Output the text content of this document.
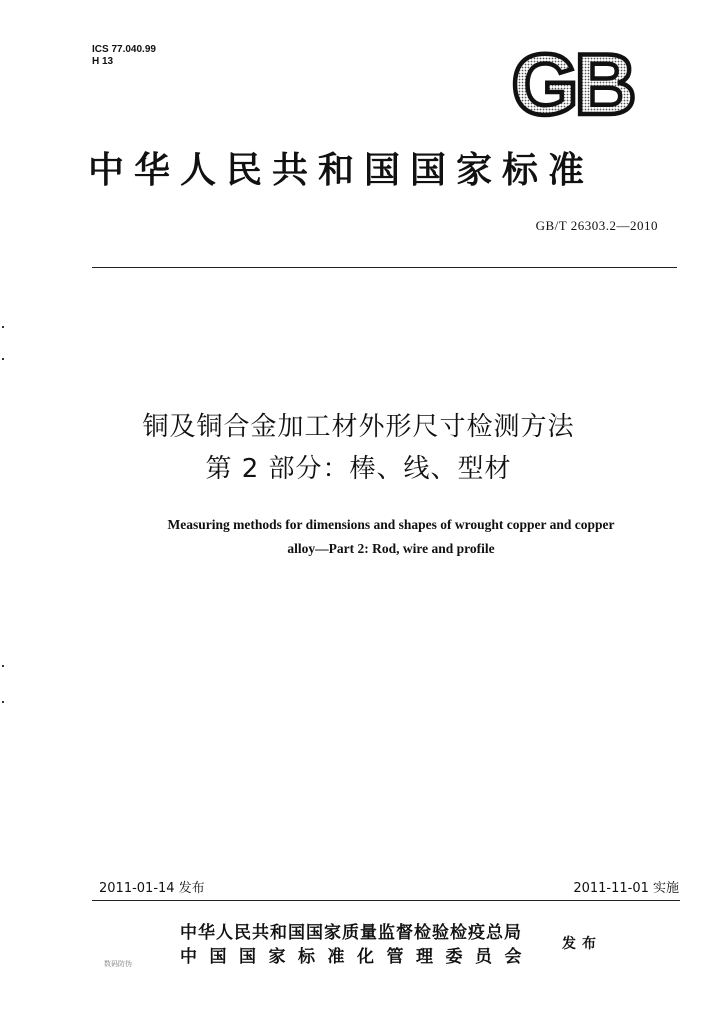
ICS 77.040.99
H 13	GB
中华人民共和国国家标准
GB/T 26303.2—2010
铜及铜合金加工材外形尺寸检测方法
第 2 部分：棒、线、型材
Measuring methods for dimensions and shapes of wrought copper and copper
alloy—Part 2: Rod, wire and profile
2011-01-14 发布	2011-11-01 实施
中华人民共和国国家质量监督检验检疫总局
中国国家标准化管理委员会
发布
数码防伪
